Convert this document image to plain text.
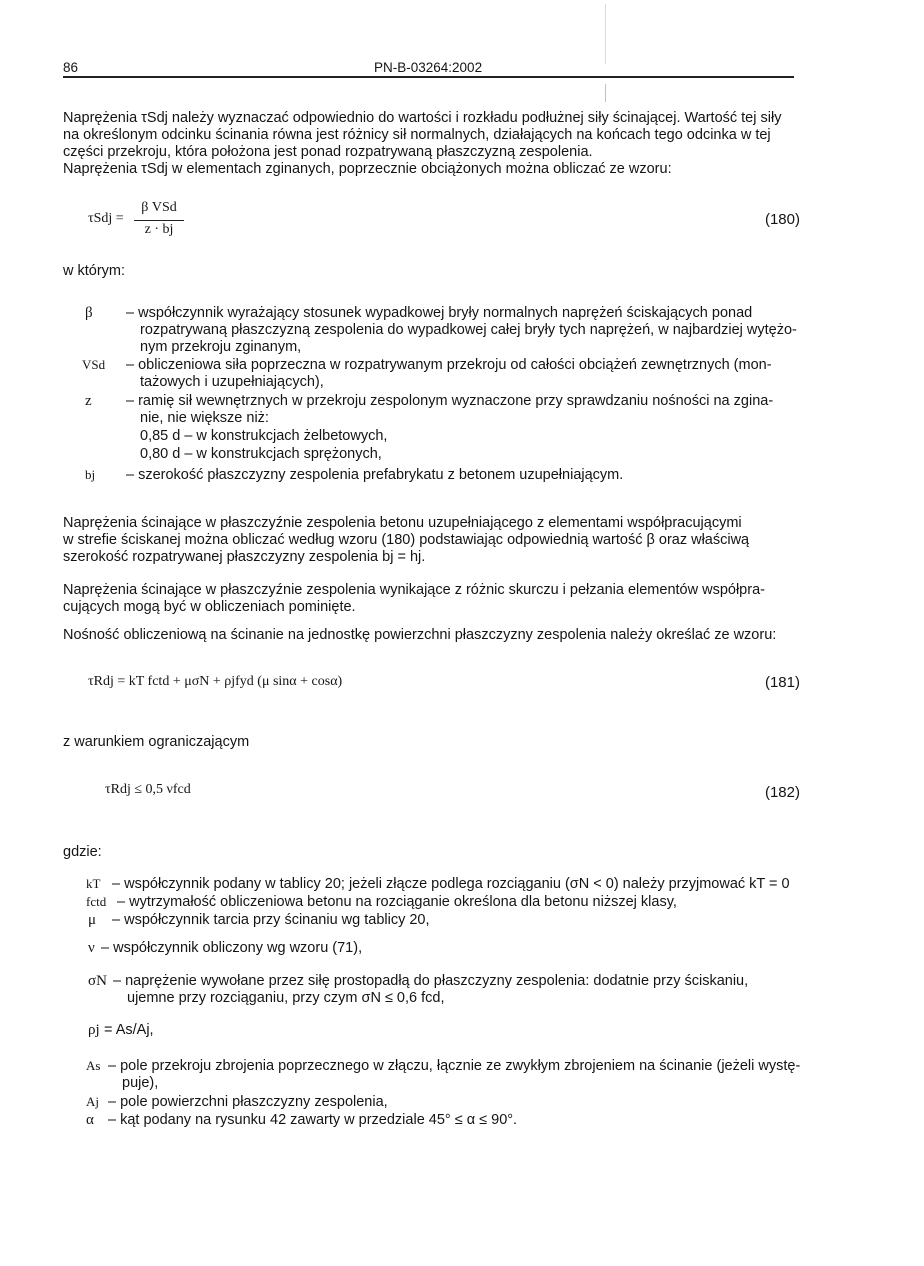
86	PN-B-03264:2002
Naprężenia τSdj należy wyznaczać odpowiednio do wartości i rozkładu podłużnej siły ścinającej. Wartość tej siły
na określonym odcinku ścinania równa jest różnicy sił normalnych, działających na końcach tego odcinka w tej
części przekroju, która położona jest ponad rozpatrywaną płaszczyzną zespolenia.
Naprężenia τSdj w elementach zginanych, poprzecznie obciążonych można obliczać ze wzoru:
τSdj =
β VSd
z · bj
(180)
w którym:
β – współczynnik wyrażający stosunek wypadkowej bryły normalnych naprężeń ściskających ponad
rozpatrywaną płaszczyzną zespolenia do wypadkowej całej bryły tych naprężeń, w najbardziej wytężo-
nym przekroju zginanym,
VSd – obliczeniowa siła poprzeczna w rozpatrywanym przekroju od całości obciążeń zewnętrznych (mon-
tażowych i uzupełniających),
z – ramię sił wewnętrznych w przekroju zespolonym wyznaczone przy sprawdzaniu nośności na zgina-
nie, nie większe niż:
0,85 d – w konstrukcjach żelbetowych,
0,80 d – w konstrukcjach sprężonych,
bj – szerokość płaszczyzny zespolenia prefabrykatu z betonem uzupełniającym.
Naprężenia ścinające w płaszczyźnie zespolenia betonu uzupełniającego z elementami współpracującymi
w strefie ściskanej można obliczać według wzoru (180) podstawiając odpowiednią wartość β oraz właściwą
szerokość rozpatrywanej płaszczyzny zespolenia bj = hj.
Naprężenia ścinające w płaszczyźnie zespolenia wynikające z różnic skurczu i pełzania elementów współpra-
cujących mogą być w obliczeniach pominięte.
Nośność obliczeniową na ścinanie na jednostkę powierzchni płaszczyzny zespolenia należy określać ze wzoru:
τRdj = kT fctd + μσN + ρjfyd (μ sinα + cosα)	(181)
z warunkiem ograniczającym
τRdj ≤ 0,5 νfcd	(182)
gdzie:
kT – współczynnik podany w tablicy 20; jeżeli złącze podlega rozciąganiu (σN < 0) należy przyjmować kT = 0
fctd – wytrzymałość obliczeniowa betonu na rozciąganie określona dla betonu niższej klasy,
μ – współczynnik tarcia przy ścinaniu wg tablicy 20,
ν – współczynnik obliczony wg wzoru (71),
σN – naprężenie wywołane przez siłę prostopadłą do płaszczyzny zespolenia: dodatnie przy ściskaniu,
ujemne przy rozciąganiu, przy czym σN ≤ 0,6 fcd,
ρj = As/Aj,
As – pole przekroju zbrojenia poprzecznego w złączu, łącznie ze zwykłym zbrojeniem na ścinanie (jeżeli wystę-
puje),
Aj – pole powierzchni płaszczyzny zespolenia,
α – kąt podany na rysunku 42 zawarty w przedziale 45° ≤ α ≤ 90°.
